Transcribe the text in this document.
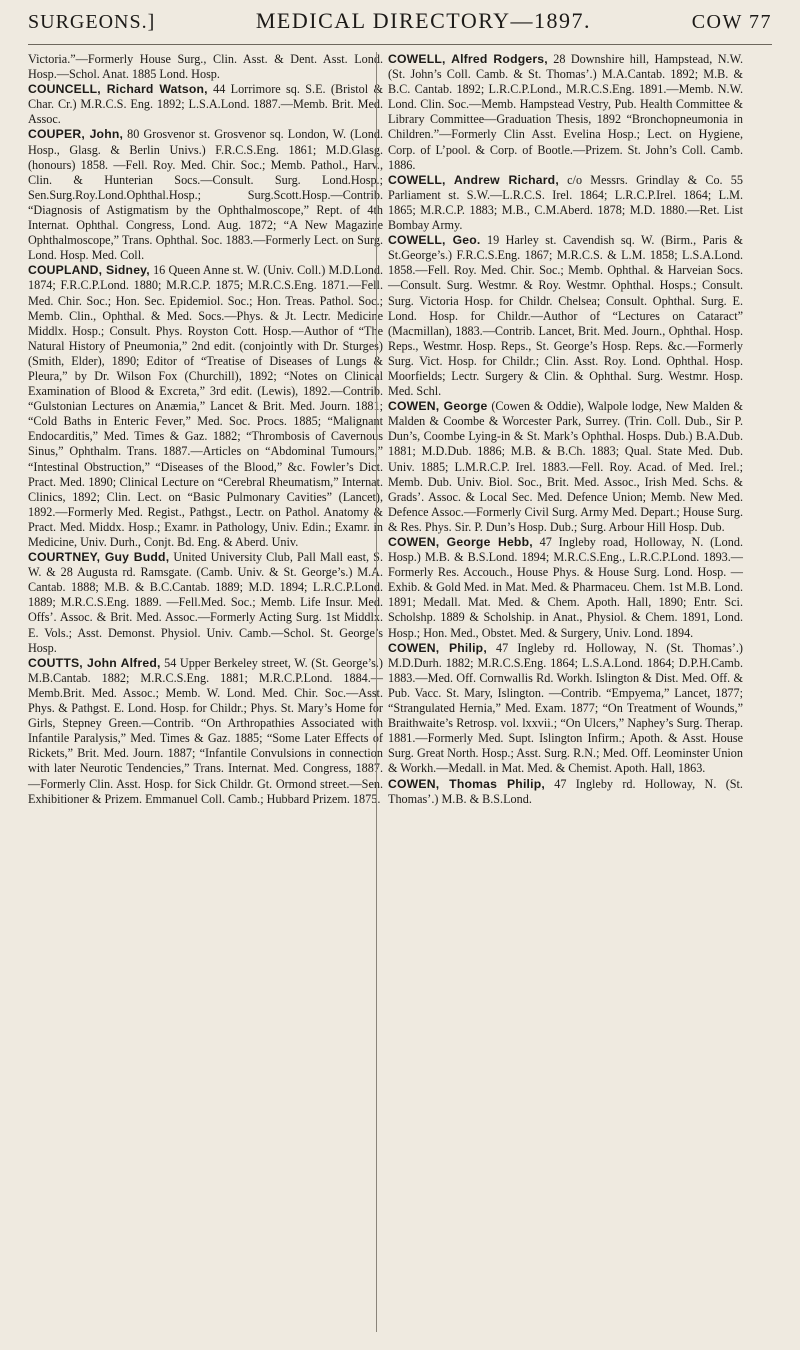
SURGEONS.]	MEDICAL DIRECTORY—1897.	COW 77

Victoria.”—Formerly House Surg., Clin. Asst. & Dent. Asst. Lond. Hosp.—Schol. Anat. 1885 Lond. Hosp.

COUNCELL, Richard Watson, 44 Lorrimore sq. S.E. (Bristol & Char. Cr.) M.R.C.S. Eng. 1892; L.S.A.Lond. 1887.—Memb. Brit. Med. Assoc.

COUPER, John, 80 Grosvenor st. Grosvenor sq. London, W. (Lond. Hosp., Glasg. & Berlin Univs.) F.R.C.S.Eng. 1861; M.D.Glasg. (honours) 1858. —Fell. Roy. Med. Chir. Soc.; Memb. Pathol., Harv., Clin. & Hunterian Socs.—Consult. Surg. Lond.Hosp.; Sen.Surg.Roy.Lond.Ophthal.Hosp.; Surg.Scott.Hosp.—Contrib. “Diagnosis of Astigmatism by the Ophthalmoscope,” Rept. of 4th Internat. Ophthal. Congress, Lond. Aug. 1872; “A New Magazine Ophthalmoscope,” Trans. Ophthal. Soc. 1883.—Formerly Lect. on Surg. Lond. Hosp. Med. Coll.

COUPLAND, Sidney, 16 Queen Anne st. W. (Univ. Coll.) M.D.Lond. 1874; F.R.C.P.Lond. 1880; M.R.C.P. 1875; M.R.C.S.Eng. 1871.—Fell. Med. Chir. Soc.; Hon. Sec. Epidemiol. Soc.; Hon. Treas. Pathol. Soc.; Memb. Clin., Ophthal. & Med. Socs.—Phys. & Jt. Lectr. Medicine Middlx. Hosp.; Consult. Phys. Royston Cott. Hosp.—Author of “The Natural History of Pneumonia,” 2nd edit. (conjointly with Dr. Sturges) (Smith, Elder), 1890; Editor of “Treatise of Diseases of Lungs & Pleura,” by Dr. Wilson Fox (Churchill), 1892; “Notes on Clinical Examination of Blood & Excreta,” 3rd edit. (Lewis), 1892.—Contrib. “Gulstonian Lectures on Anæmia,” Lancet & Brit. Med. Journ. 1881; “Cold Baths in Enteric Fever,” Med. Soc. Procs. 1885; “Malignant Endocarditis,” Med. Times & Gaz. 1882; “Thrombosis of Cavernous Sinus,” Ophthalm. Trans. 1887.—Articles on “Abdominal Tumours,” “Intestinal Obstruction,” “Diseases of the Blood,” &c. Fowler’s Dict. Pract. Med. 1890; Clinical Lecture on “Cerebral Rheumatism,” Internat. Clinics, 1892; Clin. Lect. on “Basic Pulmonary Cavities” (Lancet), 1892.—Formerly Med. Regist., Pathgst., Lectr. on Pathol. Anatomy & Pract. Med. Middx. Hosp.; Examr. in Pathology, Univ. Edin.; Examr. in Medicine, Univ. Durh., Conjt. Bd. Eng. & Aberd. Univ.

COURTNEY, Guy Budd, United University Club, Pall Mall east, S. W. & 28 Augusta rd. Ramsgate. (Camb. Univ. & St. George’s.) M.A. Cantab. 1888; M.B. & B.C.Cantab. 1889; M.D. 1894; L.R.C.P.Lond. 1889; M.R.C.S.Eng. 1889. —Fell.Med. Soc.; Memb. Life Insur. Med. Offs’. Assoc. & Brit. Med. Assoc.—Formerly Acting Surg. 1st Middlx. E. Vols.; Asst. Demonst. Physiol. Univ. Camb.—Schol. St. George’s Hosp.

COUTTS, John Alfred, 54 Upper Berkeley street, W. (St. George’s.) M.B.Cantab. 1882; M.R.C.S.Eng. 1881; M.R.C.P.Lond. 1884.—Memb.Brit. Med. Assoc.; Memb. W. Lond. Med. Chir. Soc.—Asst. Phys. & Pathgst. E. Lond. Hosp. for Childr.; Phys. St. Mary’s Home for Girls, Stepney Green.—Contrib. “On Arthropathies Associated with Infantile Paralysis,” Med. Times & Gaz. 1885; “Some Later Effects of Rickets,” Brit. Med. Journ. 1887; “Infantile Convulsions in connection with later Neurotic Tendencies,” Trans. Internat. Med. Congress, 1887. —Formerly Clin. Asst. Hosp. for Sick Childr. Gt. Ormond street.—Sen. Exhibitioner & Prizem. Emmanuel Coll. Camb.; Hubbard Prizem. 1875.

COWELL, Alfred Rodgers, 28 Downshire hill, Hampstead, N.W. (St. John’s Coll. Camb. & St. Thomas’.) M.A.Cantab. 1892; M.B. & B.C. Cantab. 1892; L.R.C.P.Lond., M.R.C.S.Eng. 1891.—Memb. N.W. Lond. Clin. Soc.—Memb. Hampstead Vestry, Pub. Health Committee & Library Committee—Graduation Thesis, 1892 “Bronchopneumonia in Children.”—Formerly Clin Asst. Evelina Hosp.; Lect. on Hygiene, Corp. of L’pool. & Corp. of Bootle.—Prizem. St. John’s Coll. Camb. 1886.

COWELL, Andrew Richard, c/o Messrs. Grindlay & Co. 55 Parliament st. S.W.—L.R.C.S. Irel. 1864; L.R.C.P.Irel. 1864; L.M. 1865; M.R.C.P. 1883; M.B., C.M.Aberd. 1878; M.D. 1880.—Ret. List Bombay Army.

COWELL, Geo. 19 Harley st. Cavendish sq. W. (Birm., Paris & St.George’s.) F.R.C.S.Eng. 1867; M.R.C.S. & L.M. 1858; L.S.A.Lond. 1858.—Fell. Roy. Med. Chir. Soc.; Memb. Ophthal. & Harveian Socs.—Consult. Surg. Westmr. & Roy. Westmr. Ophthal. Hosps.; Consult. Surg. Victoria Hosp. for Childr. Chelsea; Consult. Ophthal. Surg. E. Lond. Hosp. for Childr.—Author of “Lectures on Cataract” (Macmillan), 1883.—Contrib. Lancet, Brit. Med. Journ., Ophthal. Hosp. Reps., Westmr. Hosp. Reps., St. George’s Hosp. Reps. &c.—Formerly Surg. Vict. Hosp. for Childr.; Clin. Asst. Roy. Lond. Ophthal. Hosp. Moorfields; Lectr. Surgery & Clin. & Ophthal. Surg. Westmr. Hosp. Med. Schl.

COWEN, George (Cowen & Oddie), Walpole lodge, New Malden & Malden & Coombe & Worcester Park, Surrey. (Trin. Coll. Dub., Sir P. Dun’s, Coombe Lying-in & St. Mark’s Ophthal. Hosps. Dub.) B.A.Dub. 1881; M.D.Dub. 1886; M.B. & B.Ch. 1883; Qual. State Med. Dub. Univ. 1885; L.M.R.C.P. Irel. 1883.—Fell. Roy. Acad. of Med. Irel.; Memb. Dub. Univ. Biol. Soc., Brit. Med. Assoc., Irish Med. Schs. & Grads’. Assoc. & Local Sec. Med. Defence Union; Memb. New Med. Defence Assoc.—Formerly Civil Surg. Army Med. Depart.; House Surg. & Res. Phys. Sir. P. Dun’s Hosp. Dub.; Surg. Arbour Hill Hosp. Dub.

COWEN, George Hebb, 47 Ingleby road, Holloway, N. (Lond. Hosp.) M.B. & B.S.Lond. 1894; M.R.C.S.Eng., L.R.C.P.Lond. 1893.—Formerly Res. Accouch., House Phys. & House Surg. Lond. Hosp. — Exhib. & Gold Med. in Mat. Med. & Pharmaceu. Chem. 1st M.B. Lond. 1891; Medall. Mat. Med. & Chem. Apoth. Hall, 1890; Entr. Sci. Scholshp. 1889 & Scholship. in Anat., Physiol. & Chem. 1891, Lond. Hosp.; Hon. Med., Obstet. Med. & Surgery, Univ. Lond. 1894.

COWEN, Philip, 47 Ingleby rd. Holloway, N. (St. Thomas’.) M.D.Durh. 1882; M.R.C.S.Eng. 1864; L.S.A.Lond. 1864; D.P.H.Camb. 1883.—Med. Off. Cornwallis Rd. Workh. Islington & Dist. Med. Off. & Pub. Vacc. St. Mary, Islington. —Contrib. “Empyema,” Lancet, 1877; “Strangulated Hernia,” Med. Exam. 1877; “On Treatment of Wounds,” Braithwaite’s Retrosp. vol. lxxvii.; “On Ulcers,” Naphey’s Surg. Therap. 1881.—Formerly Med. Supt. Islington Infirm.; Apoth. & Asst. House Surg. Great North. Hosp.; Asst. Surg. R.N.; Med. Off. Leominster Union & Workh.—Medall. in Mat. Med. & Chemist. Apoth. Hall, 1863.

COWEN, Thomas Philip, 47 Ingleby rd. Holloway, N. (St. Thomas’.) M.B. & B.S.Lond.
